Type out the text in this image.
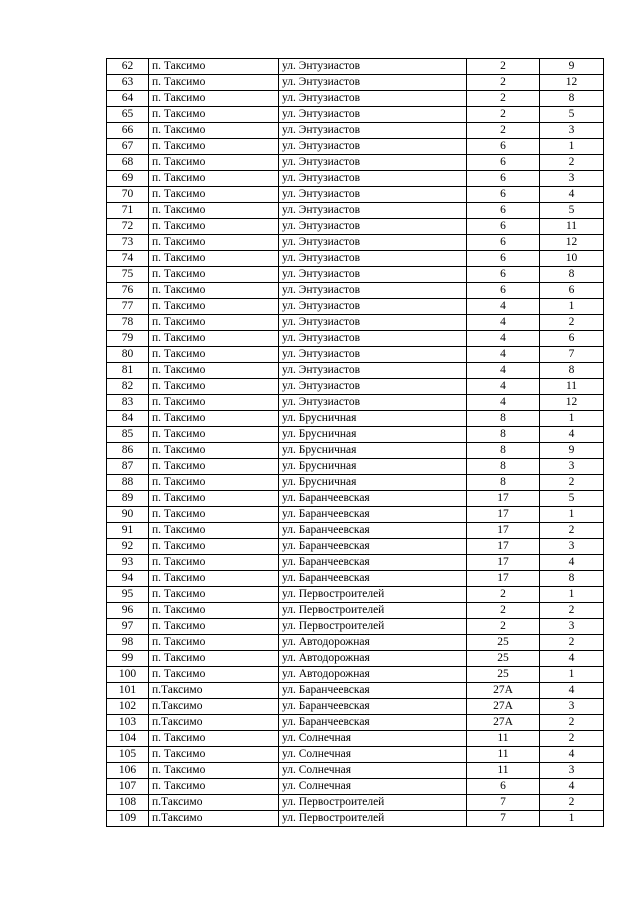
62	п. Таксимо	ул. Энтузиастов	2	9
63	п. Таксимо	ул. Энтузиастов	2	12
64	п. Таксимо	ул. Энтузиастов	2	8
65	п. Таксимо	ул. Энтузиастов	2	5
66	п. Таксимо	ул. Энтузиастов	2	3
67	п. Таксимо	ул. Энтузиастов	6	1
68	п. Таксимо	ул. Энтузиастов	6	2
69	п. Таксимо	ул. Энтузиастов	6	3
70	п. Таксимо	ул. Энтузиастов	6	4
71	п. Таксимо	ул. Энтузиастов	6	5
72	п. Таксимо	ул. Энтузиастов	6	11
73	п. Таксимо	ул. Энтузиастов	6	12
74	п. Таксимо	ул. Энтузиастов	6	10
75	п. Таксимо	ул. Энтузиастов	6	8
76	п. Таксимо	ул. Энтузиастов	6	6
77	п. Таксимо	ул. Энтузиастов	4	1
78	п. Таксимо	ул. Энтузиастов	4	2
79	п. Таксимо	ул. Энтузиастов	4	6
80	п. Таксимо	ул. Энтузиастов	4	7
81	п. Таксимо	ул. Энтузиастов	4	8
82	п. Таксимо	ул. Энтузиастов	4	11
83	п. Таксимо	ул. Энтузиастов	4	12
84	п. Таксимо	ул. Брусничная	8	1
85	п. Таксимо	ул. Брусничная	8	4
86	п. Таксимо	ул. Брусничная	8	9
87	п. Таксимо	ул. Брусничная	8	3
88	п. Таксимо	ул. Брусничная	8	2
89	п. Таксимо	ул. Баранчеевская	17	5
90	п. Таксимо	ул. Баранчеевская	17	1
91	п. Таксимо	ул. Баранчеевская	17	2
92	п. Таксимо	ул. Баранчеевская	17	3
93	п. Таксимо	ул. Баранчеевская	17	4
94	п. Таксимо	ул. Баранчеевская	17	8
95	п. Таксимо	ул. Первостроителей	2	1
96	п. Таксимо	ул. Первостроителей	2	2
97	п. Таксимо	ул. Первостроителей	2	3
98	п. Таксимо	ул. Автодорожная	25	2
99	п. Таксимо	ул. Автодорожная	25	4
100	п. Таксимо	ул. Автодорожная	25	1
101	п.Таксимо	ул. Баранчеевская	27А	4
102	п.Таксимо	ул. Баранчеевская	27А	3
103	п.Таксимо	ул. Баранчеевская	27А	2
104	п. Таксимо	ул. Солнечная	11	2
105	п. Таксимо	ул. Солнечная	11	4
106	п. Таксимо	ул. Солнечная	11	3
107	п. Таксимо	ул. Солнечная	6	4
108	п.Таксимо	ул. Первостроителей	7	2
109	п.Таксимо	ул. Первостроителей	7	1
